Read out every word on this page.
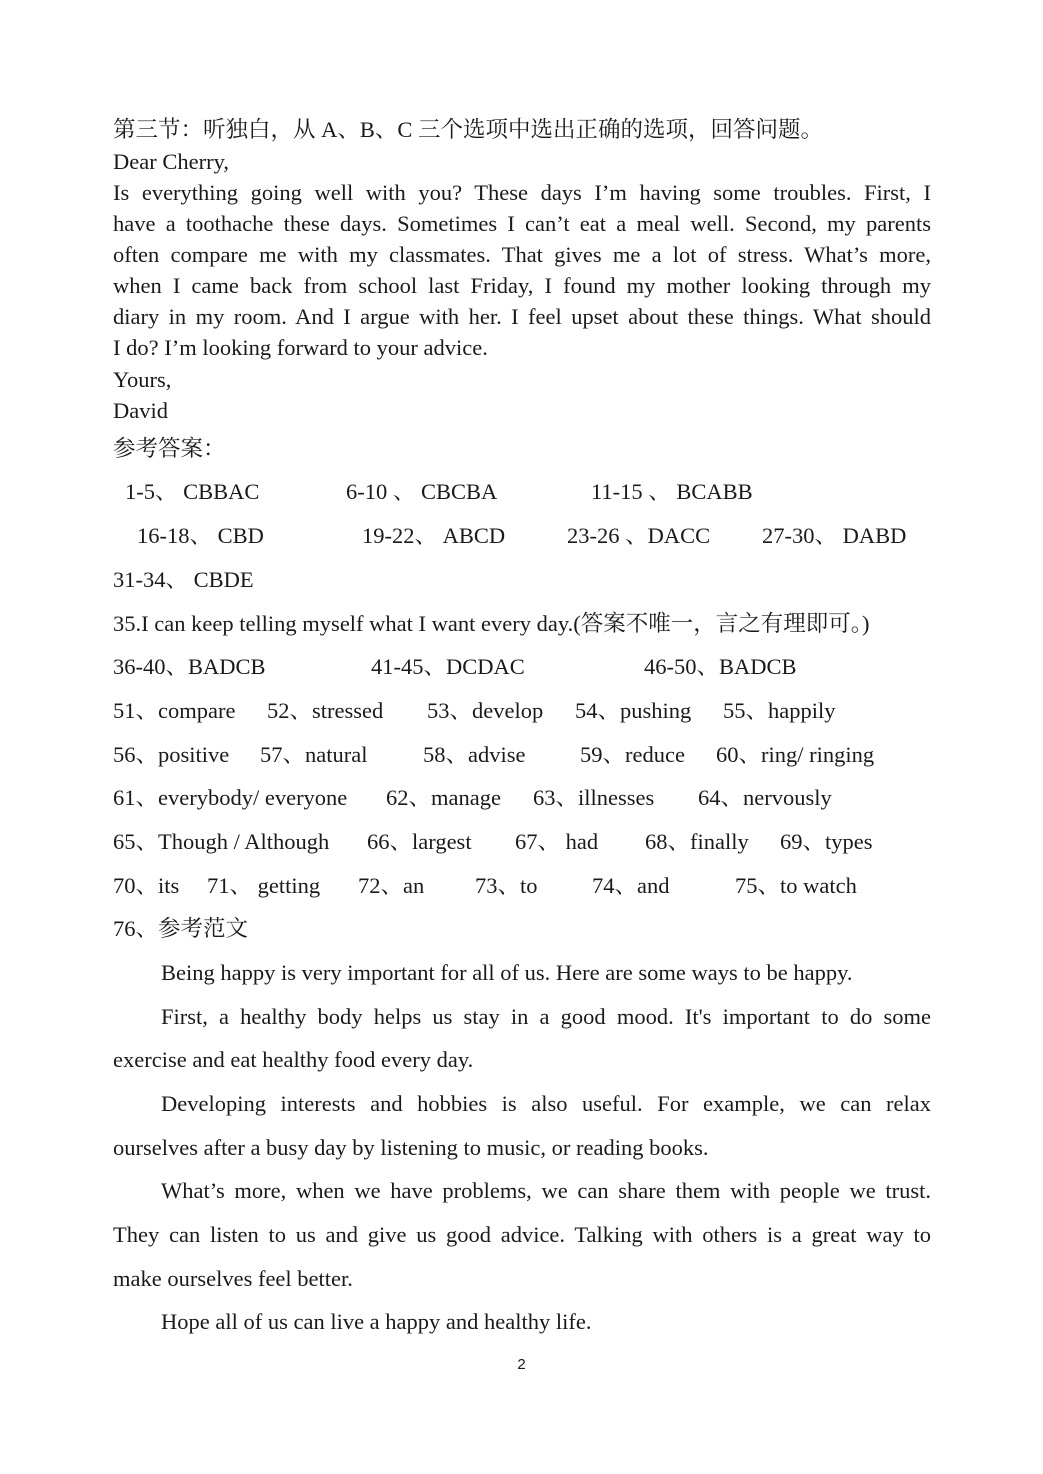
第三节：听独白，从 A、B、C 三个选项中选出正确的选项，回答问题。
Dear Cherry,
Is everything going well with you? These days I’m having some troubles. First, I
have a toothache these days. Sometimes I can’t eat a meal well. Second, my parents
often compare me with my classmates. That gives me a lot of stress. What’s more,
when I came back from school last Friday, I found my mother looking through my
diary in my room. And I argue with her. I feel upset about these things. What should
I do? I’m looking forward to your advice.
Yours,
David
参考答案：
1-5、 CBBAC	6-10 、 CBCBA	11-15 、 BCABB
16-18、 CBD	19-22、 ABCD	23-26 、DACC 27-30、 DABD
31-34、 CBDE
35.I can keep telling myself what I want every day.(答案不唯一，言之有理即可。)
36-40、BADCB	41-45、DCDAC	46-50、BADCB
51、compare 52、stressed 53、develop 54、pushing 55、happily
56、positive 57、natural 58、advise 59、reduce 60、ring/ ringing
61、everybody/ everyone 62、manage 63、illnesses 64、nervously
65、Though / Although 66、largest 67、 had 68、finally 69、types
70、its 71、 getting 72、an 73、to 74、and	75、to watch
76、参考范文
Being happy is very important for all of us. Here are some ways to be happy.
First, a healthy body helps us stay in a good mood. It's important to do some
exercise and eat healthy food every day.
Developing interests and hobbies is also useful. For example, we can relax
ourselves after a busy day by listening to music, or reading books.
What’s more, when we have problems, we can share them with people we trust.
They can listen to us and give us good advice. Talking with others is a great way to
make ourselves feel better.
Hope all of us can live a happy and healthy life.
2
